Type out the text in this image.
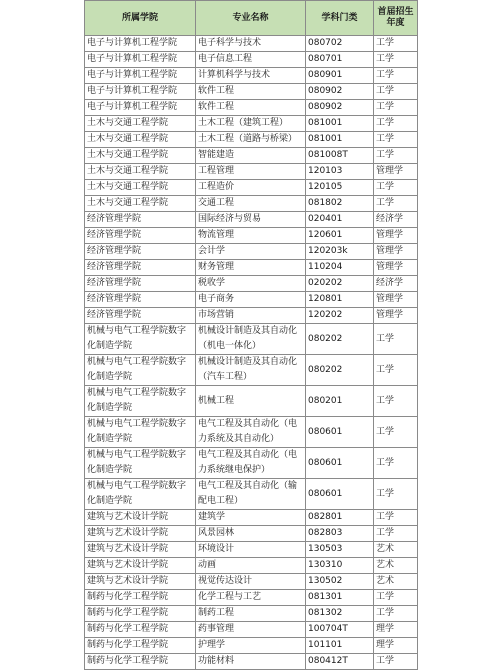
所属学院	专业名称	学科门类	首届招生年度
电子与计算机工程学院	电子科学与技术	080702	工学
电子与计算机工程学院	电子信息工程	080701	工学
电子与计算机工程学院	计算机科学与技术	080901	工学
电子与计算机工程学院	软件工程	080902	工学
电子与计算机工程学院	软件工程	080902	工学
土木与交通工程学院	土木工程（建筑工程）	081001	工学
土木与交通工程学院	土木工程（道路与桥梁）	081001	工学
土木与交通工程学院	智能建造	081008T	工学
土木与交通工程学院	工程管理	120103	管理学
土木与交通工程学院	工程造价	120105	工学
土木与交通工程学院	交通工程	081802	工学
经济管理学院	国际经济与贸易	020401	经济学
经济管理学院	物流管理	120601	管理学
经济管理学院	会计学	120203k	管理学
经济管理学院	财务管理	110204	管理学
经济管理学院	税收学	020202	经济学
经济管理学院	电子商务	120801	管理学
经济管理学院	市场营销	120202	管理学
机械与电气工程学院数字化制造学院	机械设计制造及其自动化（机电一体化）	080202	工学
机械与电气工程学院数字化制造学院	机械设计制造及其自动化（汽车工程）	080202	工学
机械与电气工程学院数字化制造学院	机械工程	080201	工学
机械与电气工程学院数字化制造学院	电气工程及其自动化（电力系统及其自动化）	080601	工学
机械与电气工程学院数字化制造学院	电气工程及其自动化（电力系统继电保护）	080601	工学
机械与电气工程学院数字化制造学院	电气工程及其自动化（输配电工程）	080601	工学
建筑与艺术设计学院	建筑学	082801	工学
建筑与艺术设计学院	风景园林	082803	工学
建筑与艺术设计学院	环境设计	130503	艺术
建筑与艺术设计学院	动画	130310	艺术
建筑与艺术设计学院	视觉传达设计	130502	艺术
制药与化学工程学院	化学工程与工艺	081301	工学
制药与化学工程学院	制药工程	081302	工学
制药与化学工程学院	药事管理	100704T	理学
制药与化学工程学院	护理学	101101	理学
制药与化学工程学院	功能材料	080412T	工学
